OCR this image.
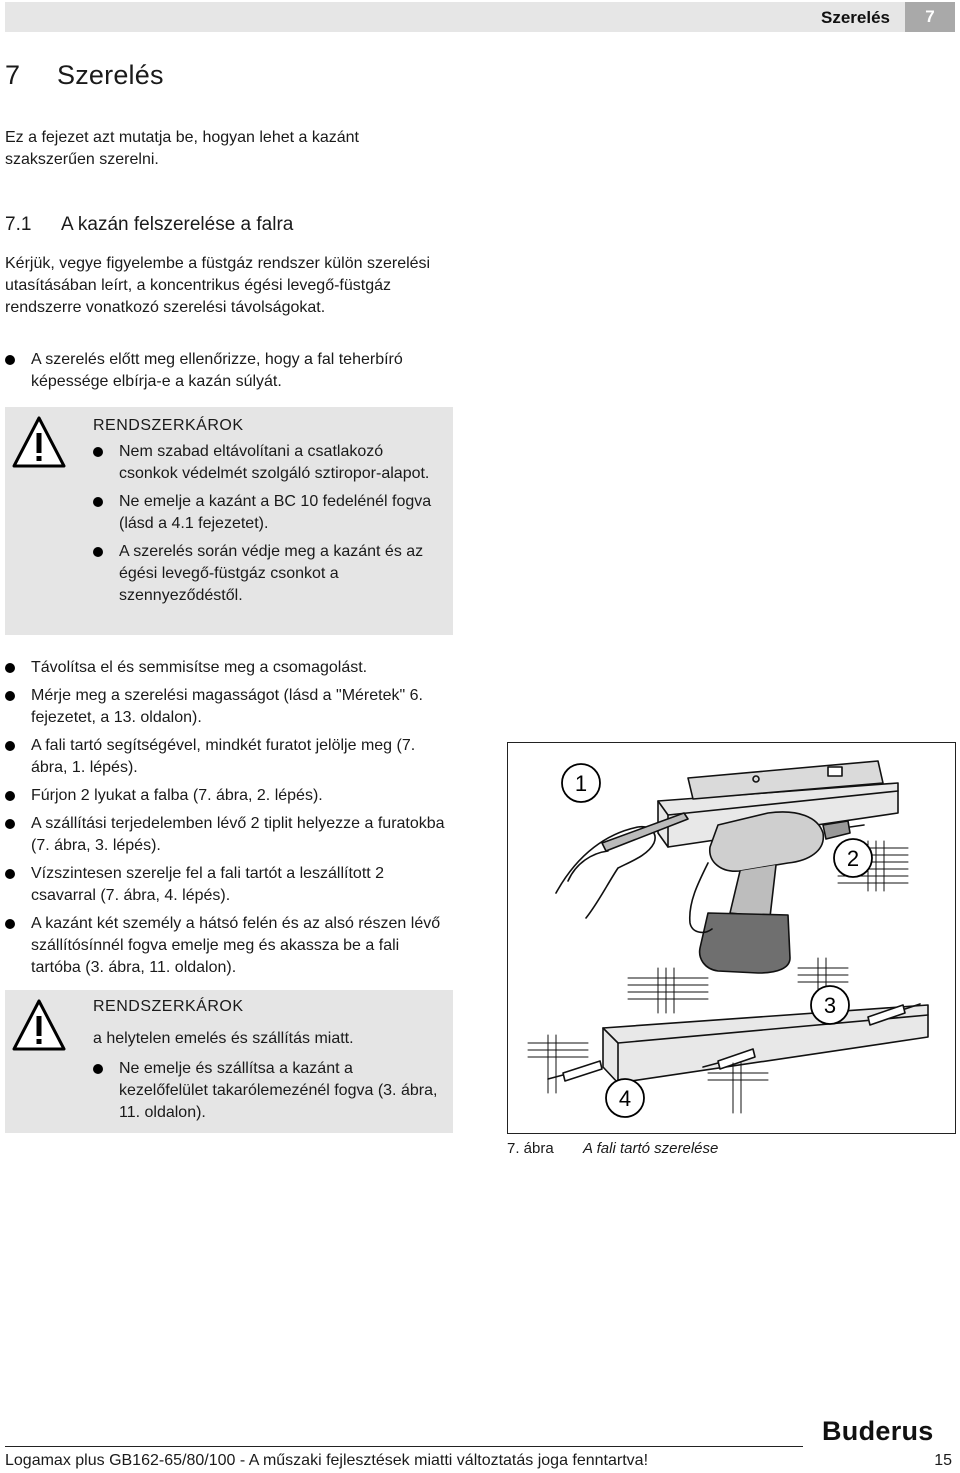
Szerelés	7
7 Szerelés
Ez a fejezet azt mutatja be, hogyan lehet a kazánt szakszerűen szerelni.
7.1 A kazán felszerelése a falra
Kérjük, vegye figyelembe a füstgáz rendszer külön szerelési utasításában leírt, a koncentrikus égési levegő-füstgáz rendszerre vonatkozó szerelési távolságokat.
A szerelés előtt meg ellenőrizze, hogy a fal teherbíró képessége elbírja-e a kazán súlyát.
RENDSZERKÁROK
Nem szabad eltávolítani a csatlakozó csonkok védelmét szolgáló sztiropor-alapot.
Ne emelje a kazánt a BC 10 fedelénél fogva (lásd a 4.1 fejezetet).
A szerelés során védje meg a kazánt és az égési levegő-füstgáz csonkot a szennyeződéstől.
Távolítsa el és semmisítse meg a csomagolást.
Mérje meg a szerelési magasságot (lásd a "Méretek" 6. fejezetet, a 13. oldalon).
A fali tartó segítségével, mindkét furatot jelölje meg (7. ábra, 1. lépés).
Fúrjon 2 lyukat a falba (7. ábra, 2. lépés).
A szállítási terjedelemben lévő 2 tiplit helyezze a furatokba (7. ábra, 3. lépés).
Vízszintesen szerelje fel a fali tartót a leszállított 2 csavarral (7. ábra, 4. lépés).
A kazánt két személy a hátsó felén és az alsó részen lévő szállítósínnél fogva emelje meg és akassza be a fali tartóba (3. ábra, 11. oldalon).
RENDSZERKÁROK
a helytelen emelés és szállítás miatt.
Ne emelje és szállítsa a kazánt a kezelőfelület takarólemezénél fogva (3. ábra, 11. oldalon).
1
2
3
4
7. ábra A fali tartó szerelése
Buderus
Logamax plus GB162-65/80/100 - A műszaki fejlesztések miatti változtatás joga fenntartva!	15
